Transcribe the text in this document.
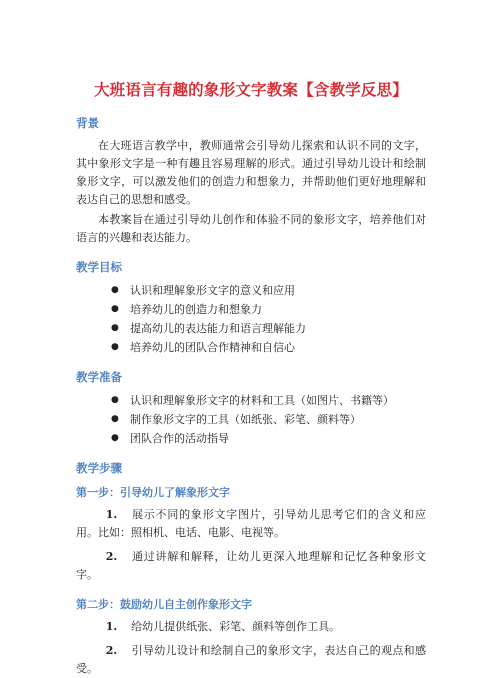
大班语言有趣的象形文字教案【含教学反思】
背景

在大班语言教学中，教师通常会引导幼儿探索和认识不同的文字，其中象形文字是一种有趣且容易理解的形式。通过引导幼儿设计和绘制象形文字，可以激发他们的创造力和想象力，并帮助他们更好地理解和表达自己的思想和感受。

本教案旨在通过引导幼儿创作和体验不同的象形文字，培养他们对语言的兴趣和表达能力。

教学目标
● 认识和理解象形文字的意义和应用
● 培养幼儿的创造力和想象力
● 提高幼儿的表达能力和语言理解能力
● 培养幼儿的团队合作精神和自信心
教学准备
● 认识和理解象形文字的材料和工具（如图片、书籍等）
● 制作象形文字的工具（如纸张、彩笔、颜料等）
● 团队合作的活动指导
教学步骤
第一步：引导幼儿了解象形文字

1. 展示不同的象形文字图片，引导幼儿思考它们的含义和应用。比如：照相机、电话、电影、电视等。

2. 通过讲解和解释，让幼儿更深入地理解和记忆各种象形文字。

第二步：鼓励幼儿自主创作象形文字

1. 给幼儿提供纸张、彩笔、颜料等创作工具。

2. 引导幼儿设计和绘制自己的象形文字，表达自己的观点和感受。
